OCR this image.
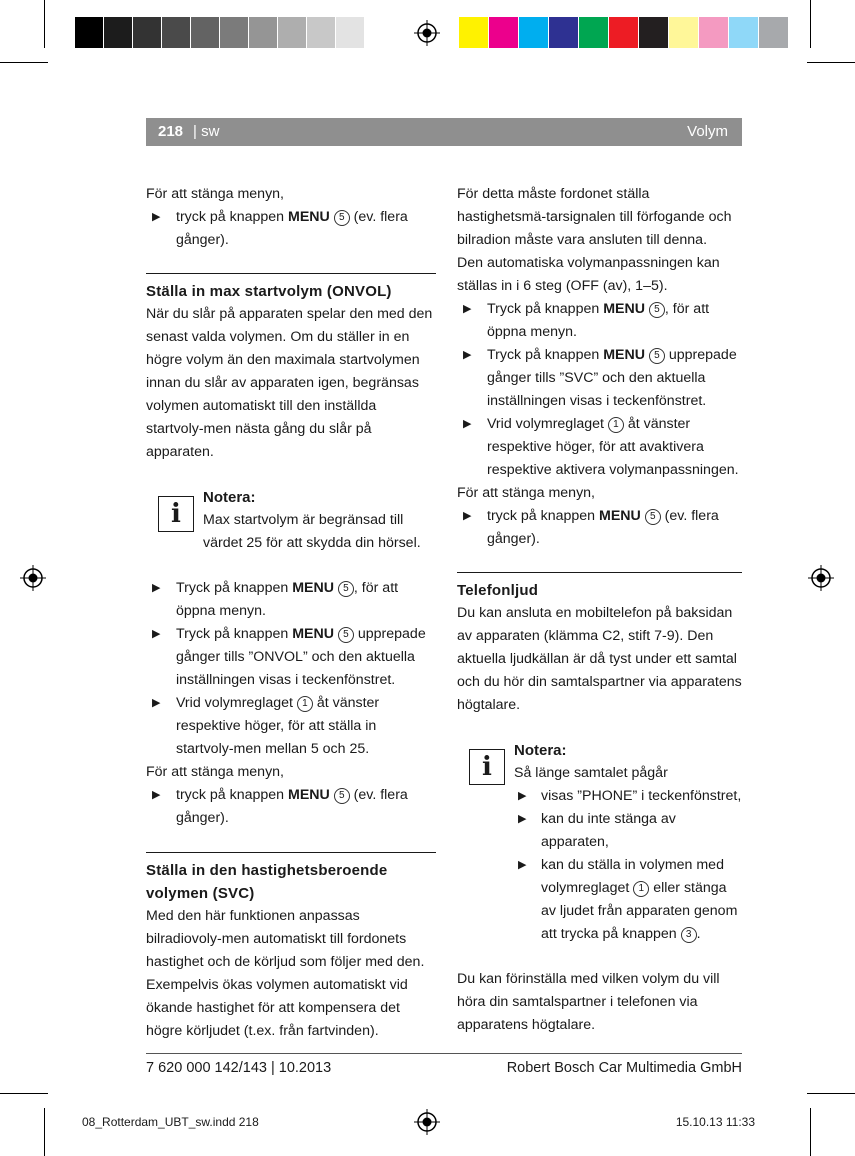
218 | sw	Volym

För att stänga menyn,

▶ tryck på knappen MENU 5 (ev. flera gånger).

Ställa in max startvolym (ONVOL)

När du slår på apparaten spelar den med den senast valda volymen. Om du ställer in en högre volym än den maximala startvolymen innan du slår av apparaten igen, begränsas volymen automatiskt till den inställda startvoly-men nästa gång du slår på apparaten.

i

Notera:

Max startvolym är begränsad till värdet 25 för att skydda din hörsel.

▶ Tryck på knappen MENU 5 , för att öppna menyn.

▶ Tryck på knappen MENU 5 upprepade gånger tills ”ONVOL” och den aktuella inställningen visas i teckenfönstret.

▶ Vrid volymreglaget 1 åt vänster respektive höger, för att ställa in startvoly-men mellan 5 och 25.

För att stänga menyn,

▶ tryck på knappen MENU 5 (ev. flera gånger).

Ställa in den hastighetsberoende volymen (SVC)

Med den här funktionen anpassas bilradiovoly-men automatiskt till fordonets hastighet och de körljud som följer med den. Exempelvis ökas volymen automatiskt vid ökande hastighet för att kompensera det högre körljudet (t.ex. från fartvinden).

För detta måste fordonet ställa hastighetsmä-tarsignalen till förfogande och bilradion måste vara ansluten till denna.

Den automatiska volymanpassningen kan ställas in i 6 steg (OFF (av), 1–5).

▶ Tryck på knappen MENU 5 , för att öppna menyn.

▶ Tryck på knappen MENU 5 upprepade gånger tills ”SVC” och den aktuella inställningen visas i teckenfönstret.

▶ Vrid volymreglaget 1 åt vänster respektive höger, för att avaktivera respektive aktivera volymanpassningen.

För att stänga menyn,

▶ tryck på knappen MENU 5 (ev. flera gånger).

Telefonljud

Du kan ansluta en mobiltelefon på baksidan av apparaten (klämma C2, stift 7-9). Den aktuella ljudkällan är då tyst under ett samtal och du hör din samtalspartner via apparatens högtalare.

i

Notera:

Så länge samtalet pågår

▶ visas ”PHONE” i teckenfönstret,

▶ kan du inte stänga av apparaten,

▶ kan du ställa in volymen med volymreglaget 1 eller stänga av ljudet från apparaten genom att trycka på knappen 3 .

Du kan förinställa med vilken volym du vill höra din samtalspartner i telefonen via apparatens högtalare.

7 620 000 142/143 | 10.2013	Robert Bosch Car Multimedia GmbH
08_Rotterdam_UBT_sw.indd 218	15.10.13 11:33
